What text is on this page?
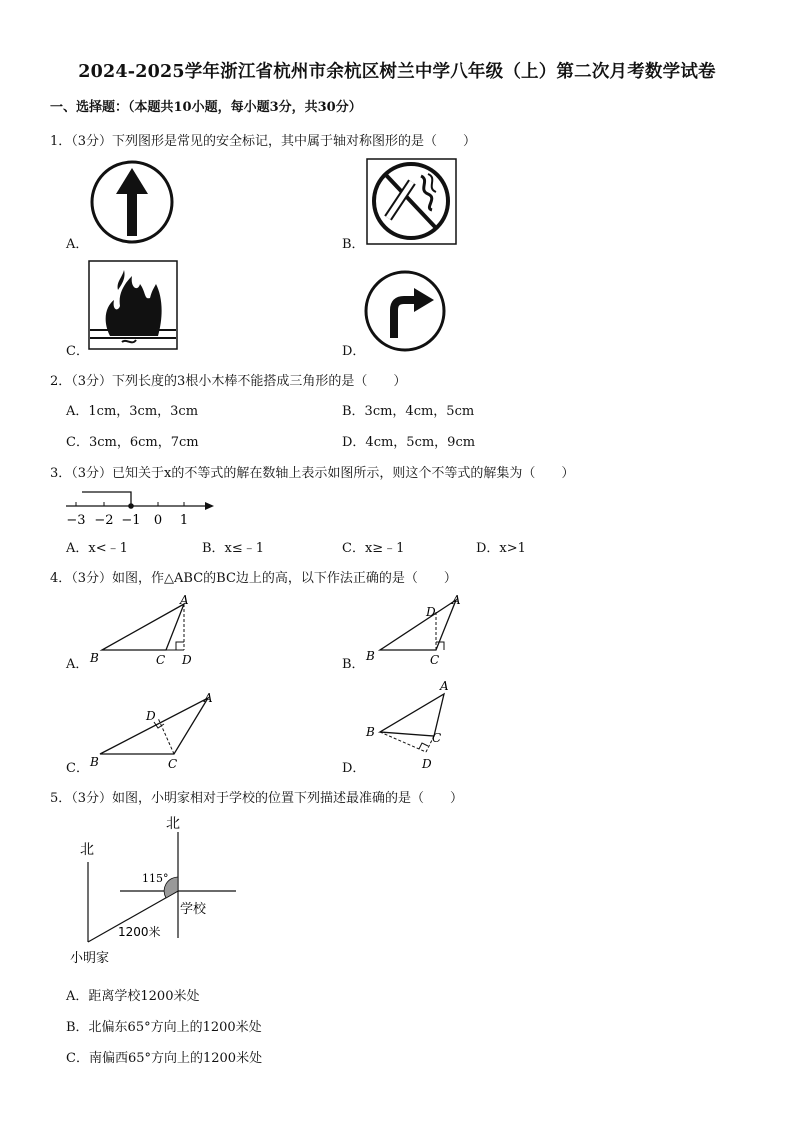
2024-2025学年浙江省杭州市余杭区树兰中学八年级（上）第二次月考数学试卷
一、选择题：（本题共10小题，每小题3分，共30分）
1．（3分）下列图形是常见的安全标记，其中属于轴对称图形的是（　　）
A．	B．
C．	D．
2．（3分）下列长度的3根小木棒不能搭成三角形的是（　　）
A．1cm，3cm，3cm	B．3cm，4cm，5cm
C．3cm，6cm，7cm	D．4cm，5cm，9cm
3．（3分）已知关于x的不等式的解在数轴上表示如图所示，则这个不等式的解集为（　　）
−3 −2 −1 0 1
A．x<﹣1	B．x≤﹣1	C．x≥﹣1	D．x>1
4．（3分）如图，作△ABC的BC边上的高，以下作法正确的是（　　）
A
B	C D
A．
A
D
B	C
B．
A
D
B	C
C．
A
B	C
D
D．
5．（3分）如图，小明家相对于学校的位置下列描述最准确的是（　　）
北
北
115°
学校
1200米
小明家
A．距离学校1200米处
B．北偏东65°方向上的1200米处
C．南偏西65°方向上的1200米处
